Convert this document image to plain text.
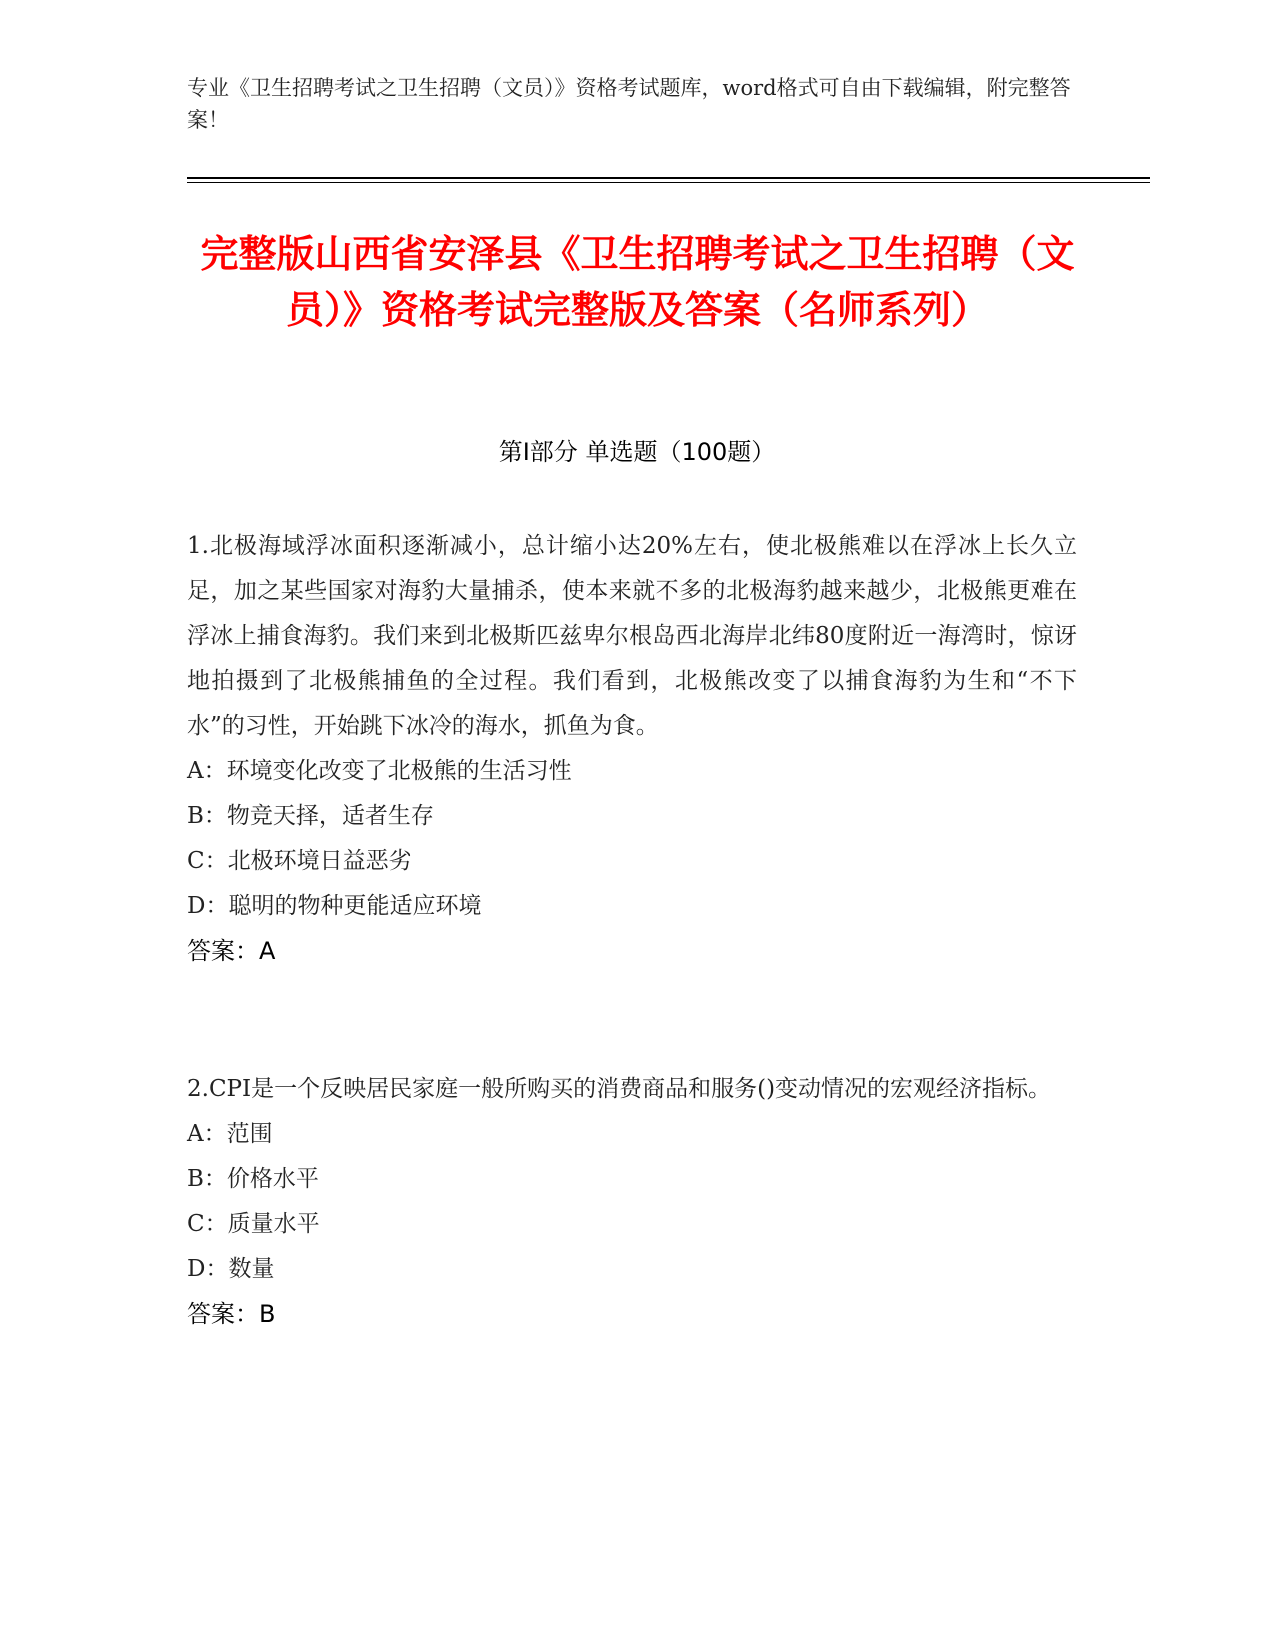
专业《卫生招聘考试之卫生招聘（文员）》资格考试题库，word格式可自由下载编辑，附完整答案！
完整版山西省安泽县《卫生招聘考试之卫生招聘（文员）》资格考试完整版及答案（名师系列）
第I部分 单选题（100题）
1.北极海域浮冰面积逐渐减小，总计缩小达20%左右，使北极熊难以在浮冰上长久立足，加之某些国家对海豹大量捕杀，使本来就不多的北极海豹越来越少，北极熊更难在浮冰上捕食海豹。我们来到北极斯匹兹卑尔根岛西北海岸北纬80度附近一海湾时，惊讶地拍摄到了北极熊捕鱼的全过程。我们看到，北极熊改变了以捕食海豹为生和“不下水”的习性，开始跳下冰冷的海水，抓鱼为食。
A：环境变化改变了北极熊的生活习性
B：物竞天择，适者生存
C：北极环境日益恶劣
D：聪明的物种更能适应环境
答案：A
2.CPI是一个反映居民家庭一般所购买的消费商品和服务()变动情况的宏观经济指标。
A：范围
B：价格水平
C：质量水平
D：数量
答案：B
